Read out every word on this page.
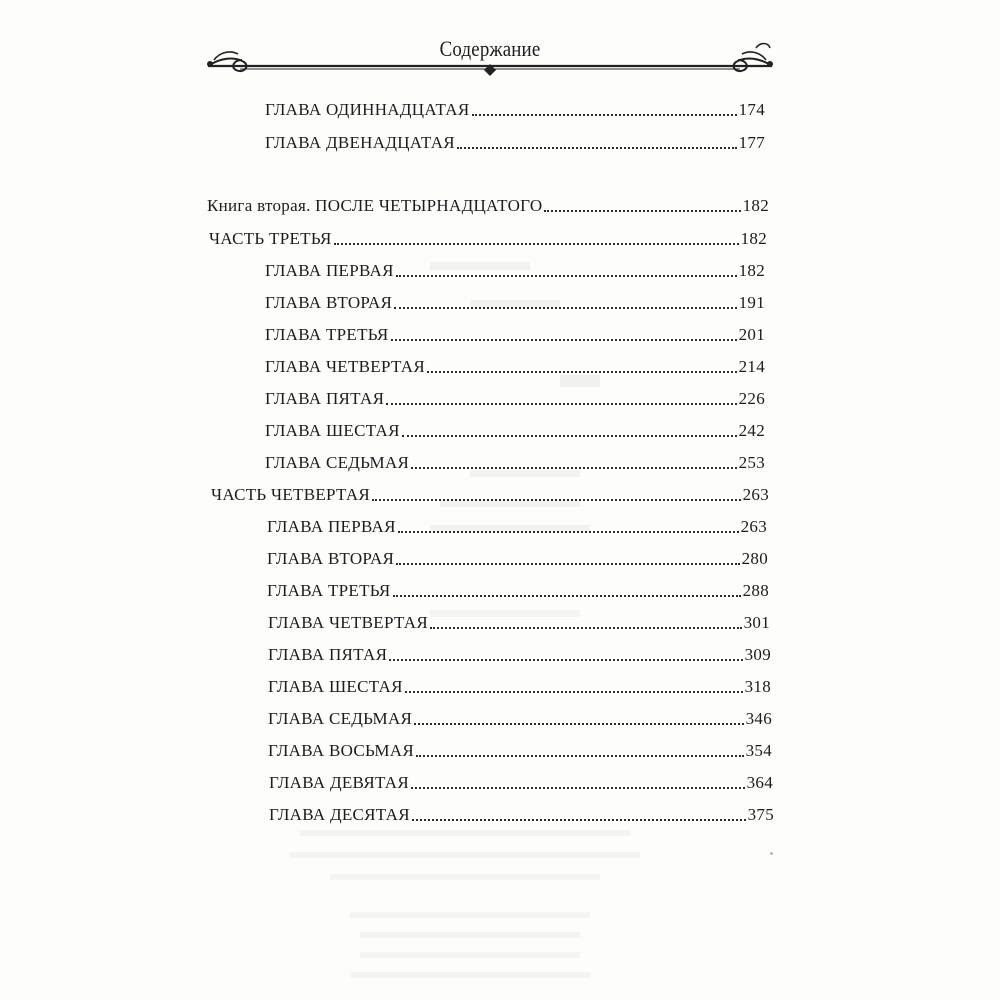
Содержание
ГЛАВА ОДИННАДЦАТАЯ	174
ГЛАВА ДВЕНАДЦАТАЯ	177
Книга вторая. ПОСЛЕ ЧЕТЫРНАДЦАТОГО	182
ЧАСТЬ ТРЕТЬЯ	182
ГЛАВА ПЕРВАЯ	182
ГЛАВА ВТОРАЯ	191
ГЛАВА ТРЕТЬЯ	201
ГЛАВА ЧЕТВЕРТАЯ	214
ГЛАВА ПЯТАЯ	226
ГЛАВА ШЕСТАЯ	242
ГЛАВА СЕДЬМАЯ	253
ЧАСТЬ ЧЕТВЕРТАЯ	263
ГЛАВА ПЕРВАЯ	263
ГЛАВА ВТОРАЯ	280
ГЛАВА ТРЕТЬЯ	288
ГЛАВА ЧЕТВЕРТАЯ	301
ГЛАВА ПЯТАЯ	309
ГЛАВА ШЕСТАЯ	318
ГЛАВА СЕДЬМАЯ	346
ГЛАВА ВОСЬМАЯ	354
ГЛАВА ДЕВЯТАЯ	364
ГЛАВА ДЕСЯТАЯ	375
